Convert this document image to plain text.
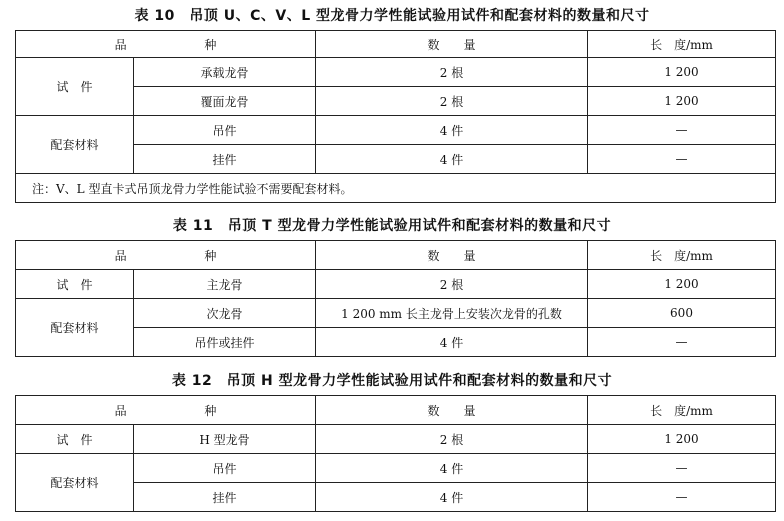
表 10　吊顶 U、C、V、L 型龙骨力学性能试验用试件和配套材料的数量和尺寸
品 种		数　　量	长　度/mm
试　件	承载龙骨	2 根	1 200
	覆面龙骨	2 根	1 200
配套材料	吊件	4 件	—
	挂件	4 件	—
注：V、L 型直卡式吊顶龙骨力学性能试验不需要配套材料。			
表 11　吊顶 T 型龙骨力学性能试验用试件和配套材料的数量和尺寸
品 种		数　　量	长　度/mm
试　件	主龙骨	2 根	1 200
配套材料	次龙骨	1 200 mm 长主龙骨上安装次龙骨的孔数	600
	吊件或挂件	4 件	—
表 12　吊顶 H 型龙骨力学性能试验用试件和配套材料的数量和尺寸
品 种		数　　量	长　度/mm
试　件	H 型龙骨	2 根	1 200
配套材料	吊件	4 件	—
	挂件	4 件	—
